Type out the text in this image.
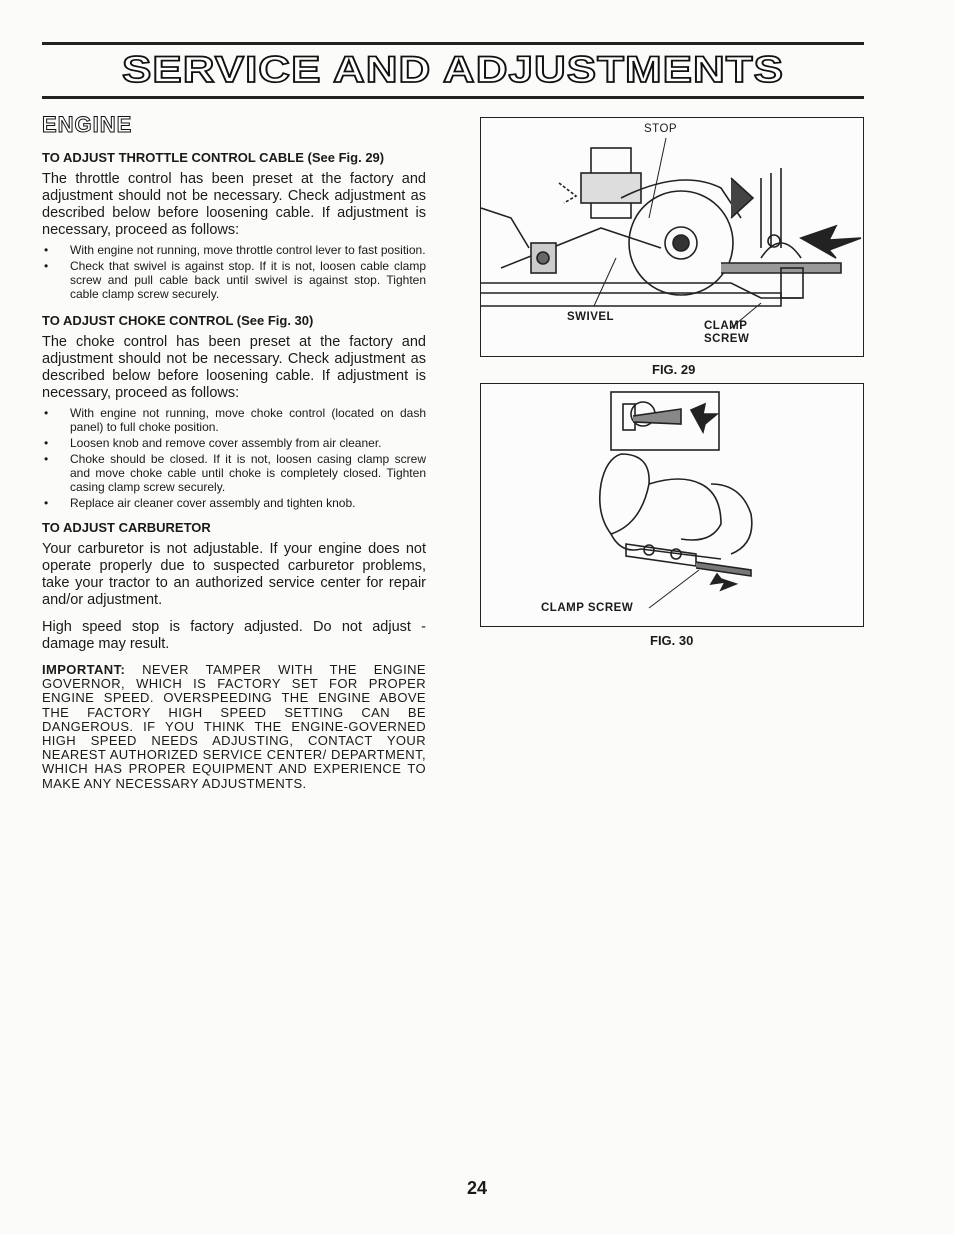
SERVICE AND ADJUSTMENTS
ENGINE
TO ADJUST THROTTLE CONTROL CABLE (See Fig. 29)

The throttle control has been preset at the factory and adjustment should not be necessary. Check adjustment as described below before loosening cable. If adjustment is necessary, proceed as follows:

• With engine not running, move throttle control lever to fast position.
• Check that swivel is against stop. If it is not, loosen cable clamp screw and pull cable back until swivel is against stop. Tighten cable clamp screw securely.
TO ADJUST CHOKE CONTROL (See Fig. 30)

The choke control has been preset at the factory and adjustment should not be necessary. Check adjustment as described below before loosening cable. If adjustment is necessary, proceed as follows:

• With engine not running, move choke control (located on dash panel) to full choke position.
• Loosen knob and remove cover assembly from air cleaner.
• Choke should be closed. If it is not, loosen casing clamp screw and move choke cable until choke is completely closed. Tighten casing clamp screw securely.
• Replace air cleaner cover assembly and tighten knob.
TO ADJUST CARBURETOR

Your carburetor is not adjustable. If your engine does not operate properly due to suspected carburetor problems, take your tractor to an authorized service center for repair and/or adjustment.

High speed stop is factory adjusted. Do not adjust - damage may result.

IMPORTANT: NEVER TAMPER WITH THE ENGINE GOVERNOR, WHICH IS FACTORY SET FOR PROPER ENGINE SPEED. OVERSPEEDING THE ENGINE ABOVE THE FACTORY HIGH SPEED SETTING CAN BE DANGEROUS. IF YOU THINK THE ENGINE-GOVERNED HIGH SPEED NEEDS ADJUSTING, CONTACT YOUR NEAREST AUTHORIZED SERVICE CENTER/ DEPARTMENT, WHICH HAS PROPER EQUIPMENT AND EXPERIENCE TO MAKE ANY NECESSARY ADJUSTMENTS.
STOP
SWIVEL
CLAMP
SCREW
FIG. 29
CLAMP SCREW
FIG. 30
24
